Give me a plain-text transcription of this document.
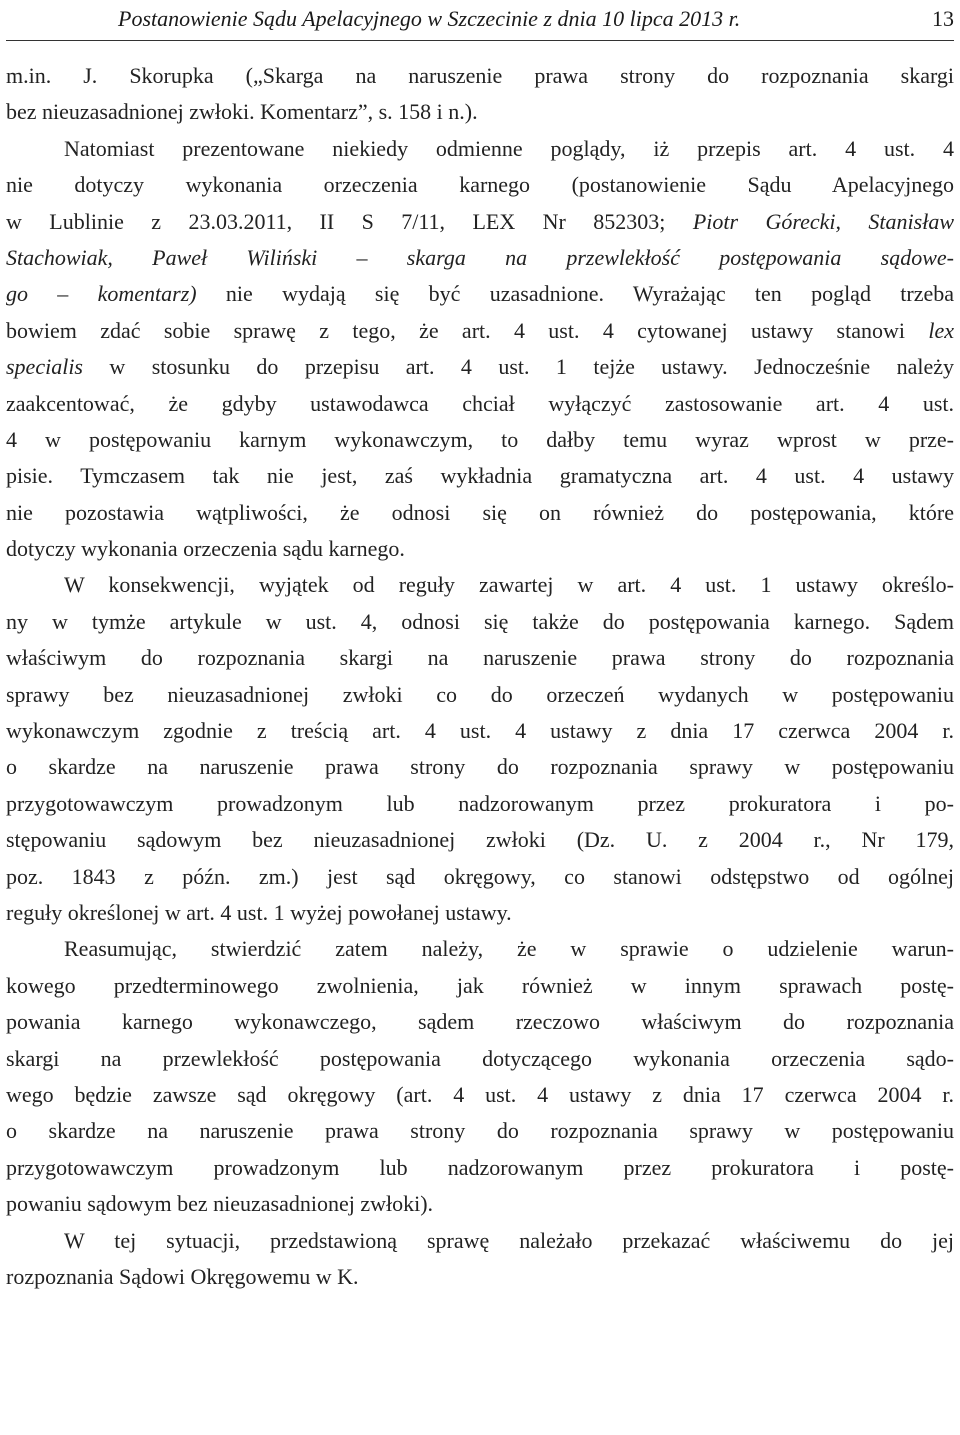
Postanowienie Sądu Apelacyjnego w Szczecinie z dnia 10 lipca 2013 r.	13
m.in. J. Skorupka („Skarga na naruszenie prawa strony do rozpoznania skargi
bez nieuzasadnionej zwłoki. Komentarz”, s. 158 i n.).
Natomiast prezentowane niekiedy odmienne poglądy, iż przepis art. 4 ust. 4
nie dotyczy wykonania orzeczenia karnego (postanowienie Sądu Apelacyjnego
w Lublinie z 23.03.2011, II S 7/11, LEX Nr 852303; Piotr Górecki, Stanisław
Stachowiak, Paweł Wiliński – skarga na przewlekłość postępowania sądowe-
go – komentarz) nie wydają się być uzasadnione. Wyrażając ten pogląd trzeba
bowiem zdać sobie sprawę z tego, że art. 4 ust. 4 cytowanej ustawy stanowi lex
specialis w stosunku do przepisu art. 4 ust. 1 tejże ustawy. Jednocześnie należy
zaakcentować, że gdyby ustawodawca chciał wyłączyć zastosowanie art. 4 ust.
4 w postępowaniu karnym wykonawczym, to dałby temu wyraz wprost w prze-
pisie. Tymczasem tak nie jest, zaś wykładnia gramatyczna art. 4 ust. 4 ustawy
nie pozostawia wątpliwości, że odnosi się on również do postępowania, które
dotyczy wykonania orzeczenia sądu karnego.
W konsekwencji, wyjątek od reguły zawartej w art. 4 ust. 1 ustawy określo-
ny w tymże artykule w ust. 4, odnosi się także do postępowania karnego. Sądem
właściwym do rozpoznania skargi na naruszenie prawa strony do rozpoznania
sprawy bez nieuzasadnionej zwłoki co do orzeczeń wydanych w postępowaniu
wykonawczym zgodnie z treścią art. 4 ust. 4 ustawy z dnia 17 czerwca 2004 r.
o skardze na naruszenie prawa strony do rozpoznania sprawy w postępowaniu
przygotowawczym prowadzonym lub nadzorowanym przez prokuratora i po-
stępowaniu sądowym bez nieuzasadnionej zwłoki (Dz. U. z 2004 r., Nr 179,
poz. 1843 z późn. zm.) jest sąd okręgowy, co stanowi odstępstwo od ogólnej
reguły określonej w art. 4 ust. 1 wyżej powołanej ustawy.
Reasumując, stwierdzić zatem należy, że w sprawie o udzielenie warun-
kowego przedterminowego zwolnienia, jak również w innym sprawach postę-
powania karnego wykonawczego, sądem rzeczowo właściwym do rozpoznania
skargi na przewlekłość postępowania dotyczącego wykonania orzeczenia sądo-
wego będzie zawsze sąd okręgowy (art. 4 ust. 4 ustawy z dnia 17 czerwca 2004 r.
o skardze na naruszenie prawa strony do rozpoznania sprawy w postępowaniu
przygotowawczym prowadzonym lub nadzorowanym przez prokuratora i postę-
powaniu sądowym bez nieuzasadnionej zwłoki).
W tej sytuacji, przedstawioną sprawę należało przekazać właściwemu do jej
rozpoznania Sądowi Okręgowemu w K.
